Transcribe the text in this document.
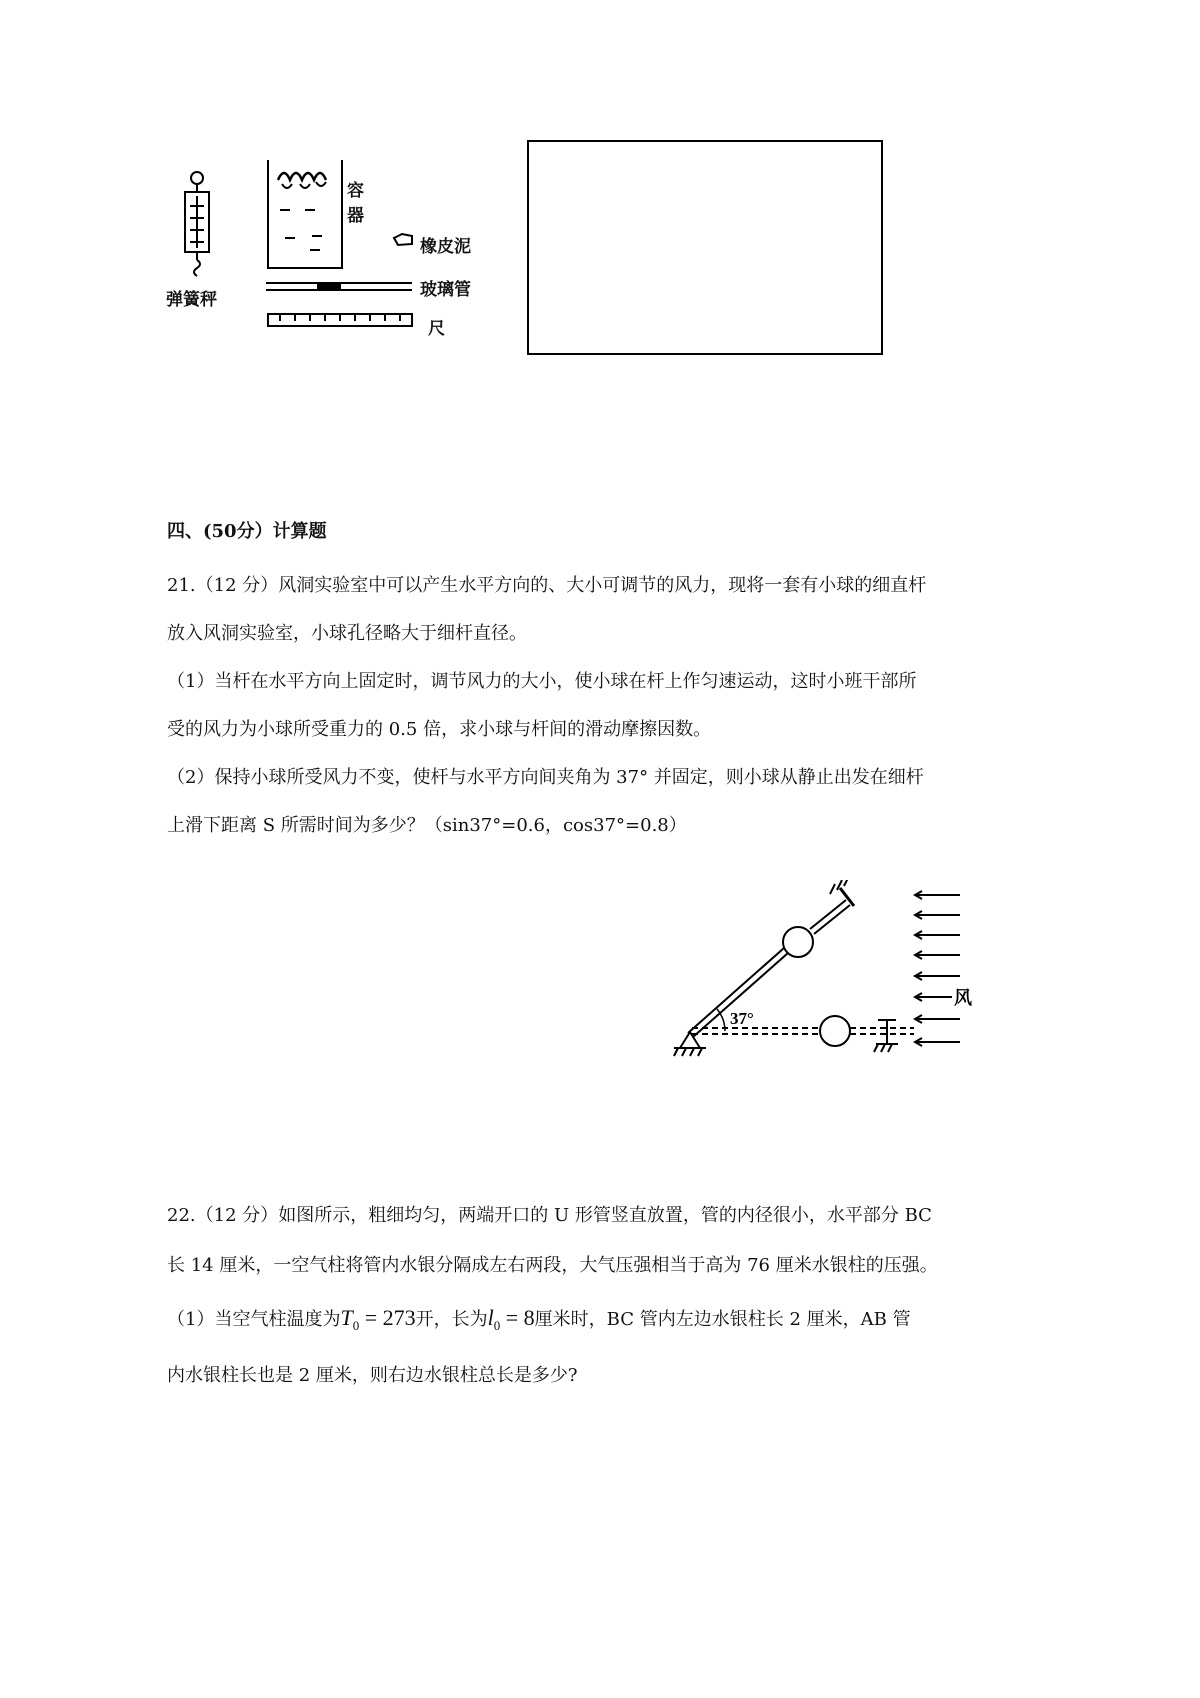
弹簧秤
容
器
橡皮泥
玻璃管
尺
四、(50分）计算题
21.（12 分）风洞实验室中可以产生水平方向的、大小可调节的风力，现将一套有小球的细直杆
放入风洞实验室，小球孔径略大于细杆直径。
（1）当杆在水平方向上固定时，调节风力的大小，使小球在杆上作匀速运动，这时小班干部所
受的风力为小球所受重力的 0.5 倍，求小球与杆间的滑动摩擦因数。
（2）保持小球所受风力不变，使杆与水平方向间夹角为 37° 并固定，则小球从静止出发在细杆
上滑下距离 S 所需时间为多少？（sin37°=0.6，cos37°=0.8）
37°
风
22.（12 分）如图所示，粗细均匀，两端开口的 U 形管竖直放置，管的内径很小，水平部分 BC
长 14 厘米，一空气柱将管内水银分隔成左右两段，大气压强相当于高为 76 厘米水银柱的压强。
（1）当空气柱温度为$T_0 = 273$开，长为$l_0 = 8$厘米时，BC 管内左边水银柱长 2 厘米，AB 管
内水银柱长也是 2 厘米，则右边水银柱总长是多少?
